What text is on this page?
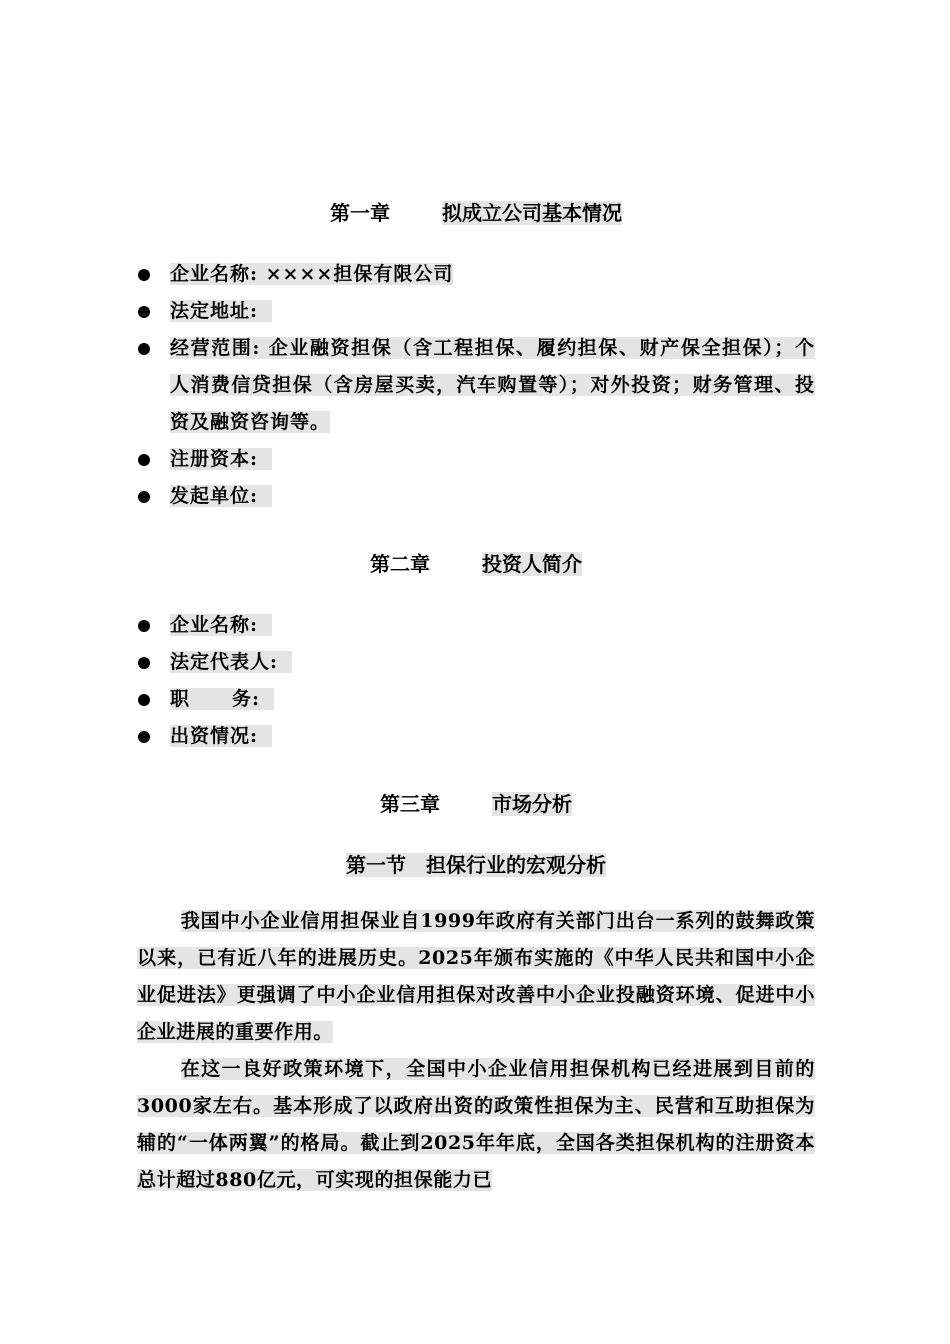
第一章	拟成立公司基本情况
企业名称: ××××担保有限公司
法定地址:
经营范围: 企业融资担保（含工程担保、履约担保、财产保全担保）；个人消费信贷担保（含房屋买卖，汽车购置等）；对外投资；财务管理、投资及融资咨询等。
注册资本:
发起单位:
第二章	投资人简介
企业名称:
法定代表人:
职 务:
出资情况:
第三章	市场分析
第一节　担保行业的宏观分析

我国中小企业信用担保业自1999年政府有关部门出台一系列的鼓舞政策以来，已有近八年的进展历史。2025年颁布实施的《中华人民共和国中小企业促进法》更强调了中小企业信用担保对改善中小企业投融资环境、促进中小企业进展的重要作用。

在这一良好政策环境下，全国中小企业信用担保机构已经进展到目前的3000家左右。基本形成了以政府出资的政策性担保为主、民营和互助担保为辅的“一体两翼”的格局。截止到2025年年底，全国各类担保机构的注册资本总计超过880亿元，可实现的担保能力已
